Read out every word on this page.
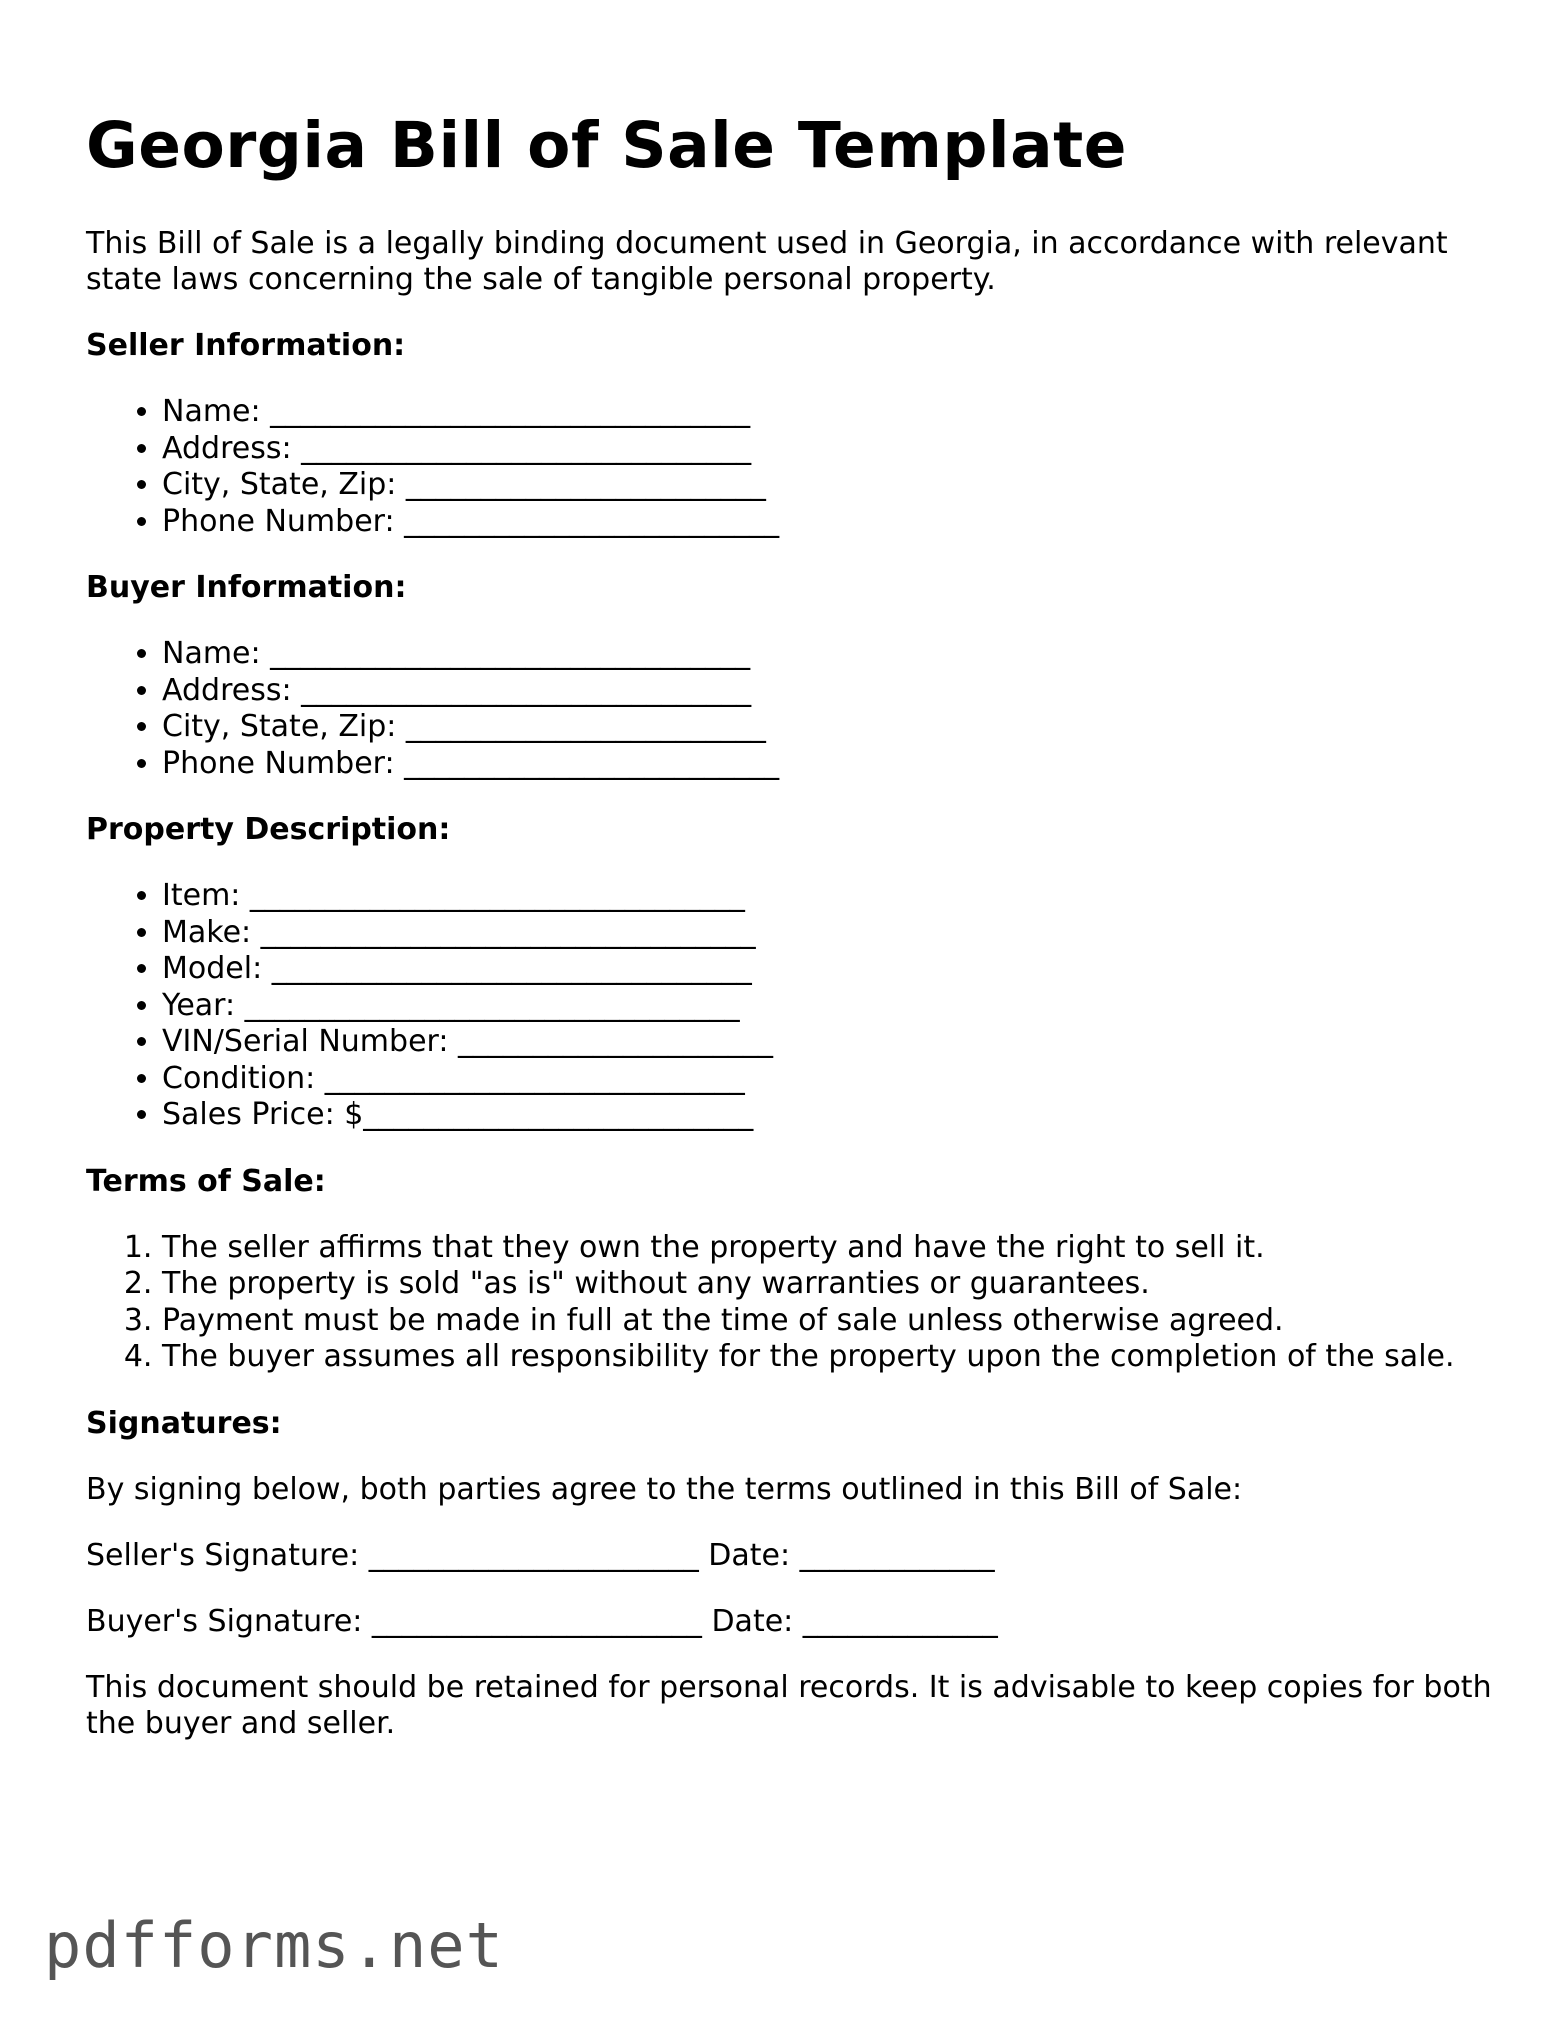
Georgia Bill of Sale Template

This Bill of Sale is a legally binding document used in Georgia, in accordance with relevant state laws concerning the sale of tangible personal property.

Seller Information:
• Name: ________________________________
• Address: ______________________________
• City, State, Zip: ________________________
• Phone Number: _________________________
Buyer Information:
• Name: ________________________________
• Address: ______________________________
• City, State, Zip: ________________________
• Phone Number: _________________________
Property Description:
• Item: _________________________________
• Make: _________________________________
• Model: ________________________________
• Year: _________________________________
• VIN/Serial Number: _____________________
• Condition: ____________________________
• Sales Price: $__________________________
Terms of Sale:
1. The seller affirms that they own the property and have the right to sell it.
2. The property is sold "as is" without any warranties or guarantees.
3. Payment must be made in full at the time of sale unless otherwise agreed.
4. The buyer assumes all responsibility for the property upon the completion of the sale.
Signatures:

By signing below, both parties agree to the terms outlined in this Bill of Sale:

Seller's Signature: ______________________ Date: _____________
Buyer's Signature: ______________________ Date: _____________

This document should be retained for personal records. It is advisable to keep copies for both the buyer and seller.

pdfforms.net
